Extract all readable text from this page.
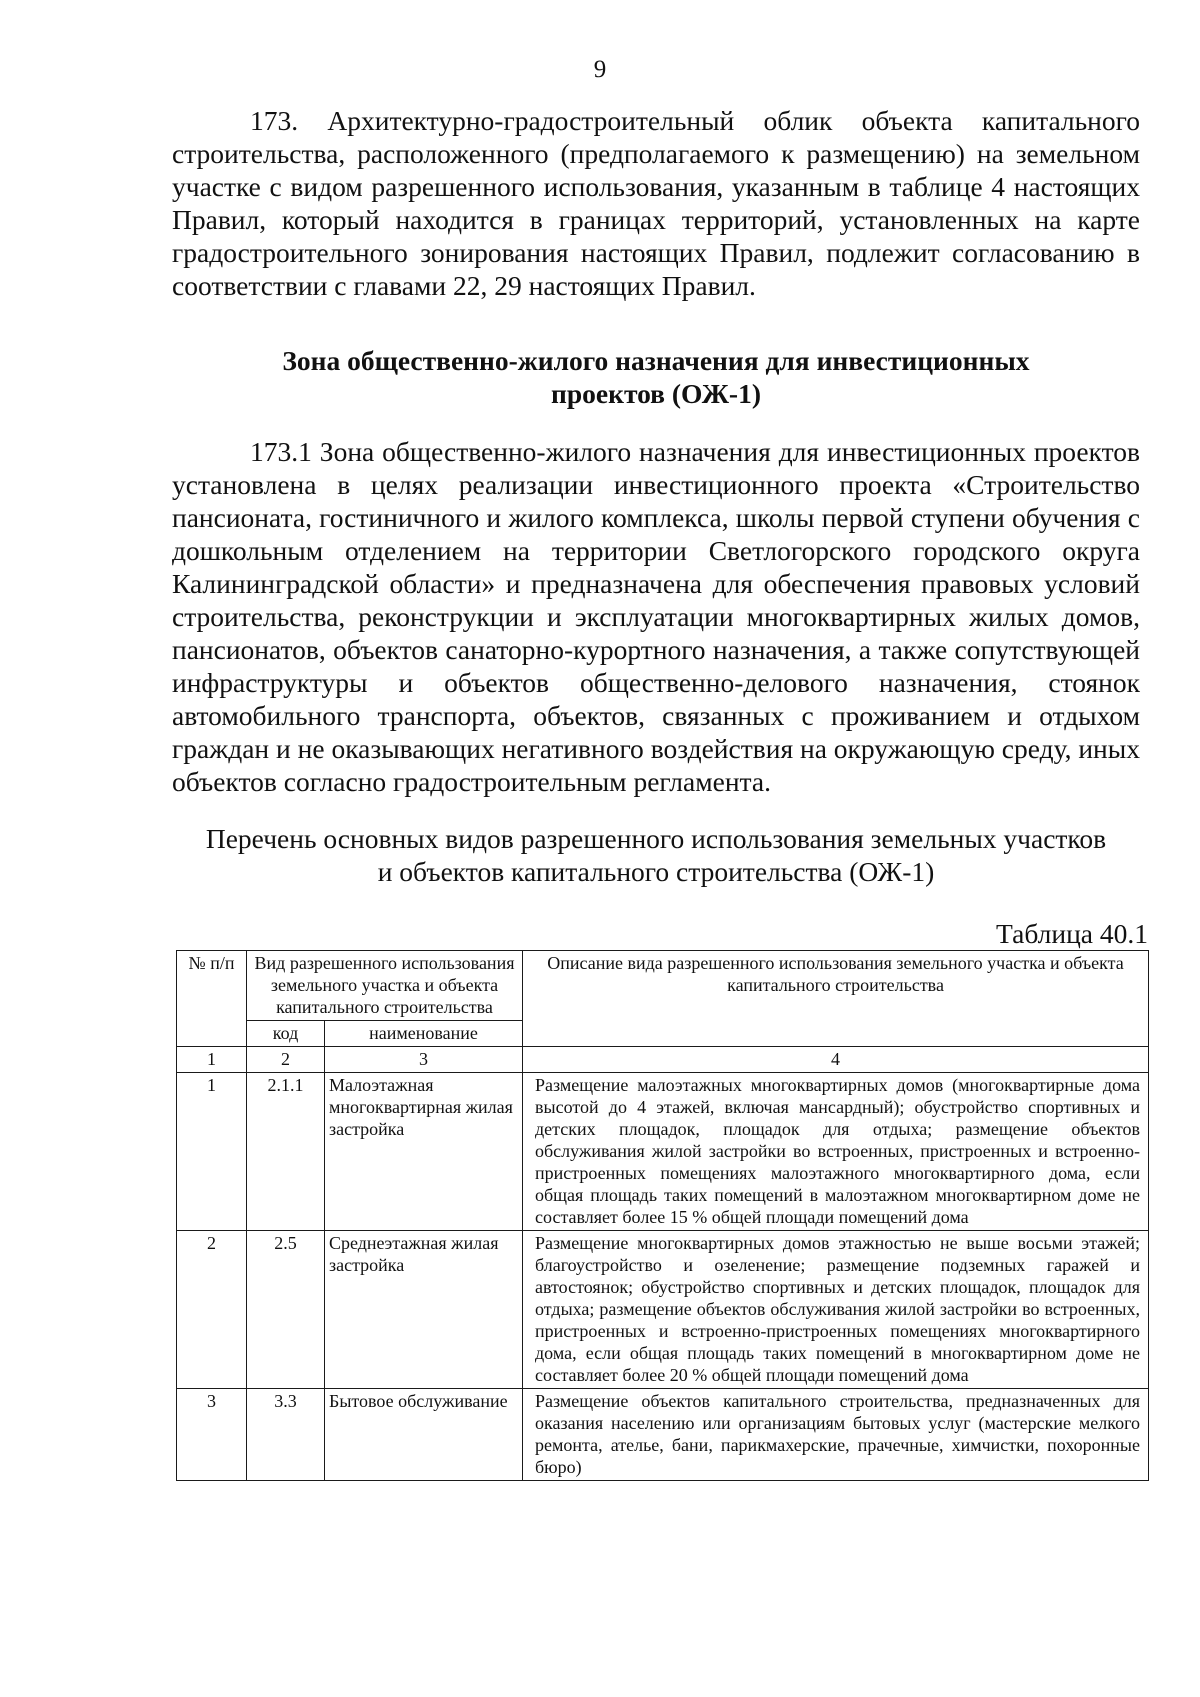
9

173. Архитектурно-градостроительный облик объекта капитального строительства, расположенного (предполагаемого к размещению) на земельном участке с видом разрешенного использования, указанным в таблице 4 настоящих Правил, который находится в границах территорий, установленных на карте градостроительного зонирования настоящих Правил, подлежит согласованию в соответствии с главами 22, 29 настоящих Правил.

Зона общественно-жилого назначения для инвестиционных
проектов (ОЖ-1)

173.1 Зона общественно-жилого назначения для инвестиционных проектов установлена в целях реализации инвестиционного проекта «Строительство пансионата, гостиничного и жилого комплекса, школы первой ступени обучения с дошкольным отделением на территории Светлогорского городского округа Калининградской области» и предназначена для обеспечения правовых условий строительства, реконструкции и эксплуатации многоквартирных жилых домов, пансионатов, объектов санаторно-курортного назначения, а также сопутствующей инфраструктуры и объектов общественно-делового назначения, стоянок автомобильного транспорта, объектов, связанных с проживанием и отдыхом граждан и не оказывающих негативного воздействия на окружающую среду, иных объектов согласно градостроительным регламента.

Перечень основных видов разрешенного использования земельных участков
и объектов капитального строительства (ОЖ-1)
Таблица 40.1
№ п/п	Вид разрешенного использования земельного участка и объекта капитального строительства		Описание вида разрешенного использования земельного участка и объекта капитального строительства
	код	наименование	
1	2	3	4
1	2.1.1	Малоэтажная многоквартирная жилая застройка	Размещение малоэтажных многоквартирных домов (многоквартирные дома высотой до 4 этажей, включая мансардный); обустройство спортивных и детских площадок, площадок для отдыха; размещение объектов обслуживания жилой застройки во встроенных, пристроенных и встроенно-пристроенных помещениях малоэтажного многоквартирного дома, если общая площадь таких помещений в малоэтажном многоквартирном доме не составляет более 15 % общей площади помещений дома
2	2.5	Среднеэтажная жилая застройка	Размещение многоквартирных домов этажностью не выше восьми этажей; благоустройство и озеленение; размещение подземных гаражей и автостоянок; обустройство спортивных и детских площадок, площадок для отдыха; размещение объектов обслуживания жилой застройки во встроенных, пристроенных и встроенно-пристроенных помещениях многоквартирного дома, если общая площадь таких помещений в многоквартирном доме не составляет более 20 % общей площади помещений дома
3	3.3	Бытовое обслуживание	Размещение объектов капитального строительства, предназначенных для оказания населению или организациям бытовых услуг (мастерские мелкого ремонта, ателье, бани, парикмахерские, прачечные, химчистки, похоронные бюро)
